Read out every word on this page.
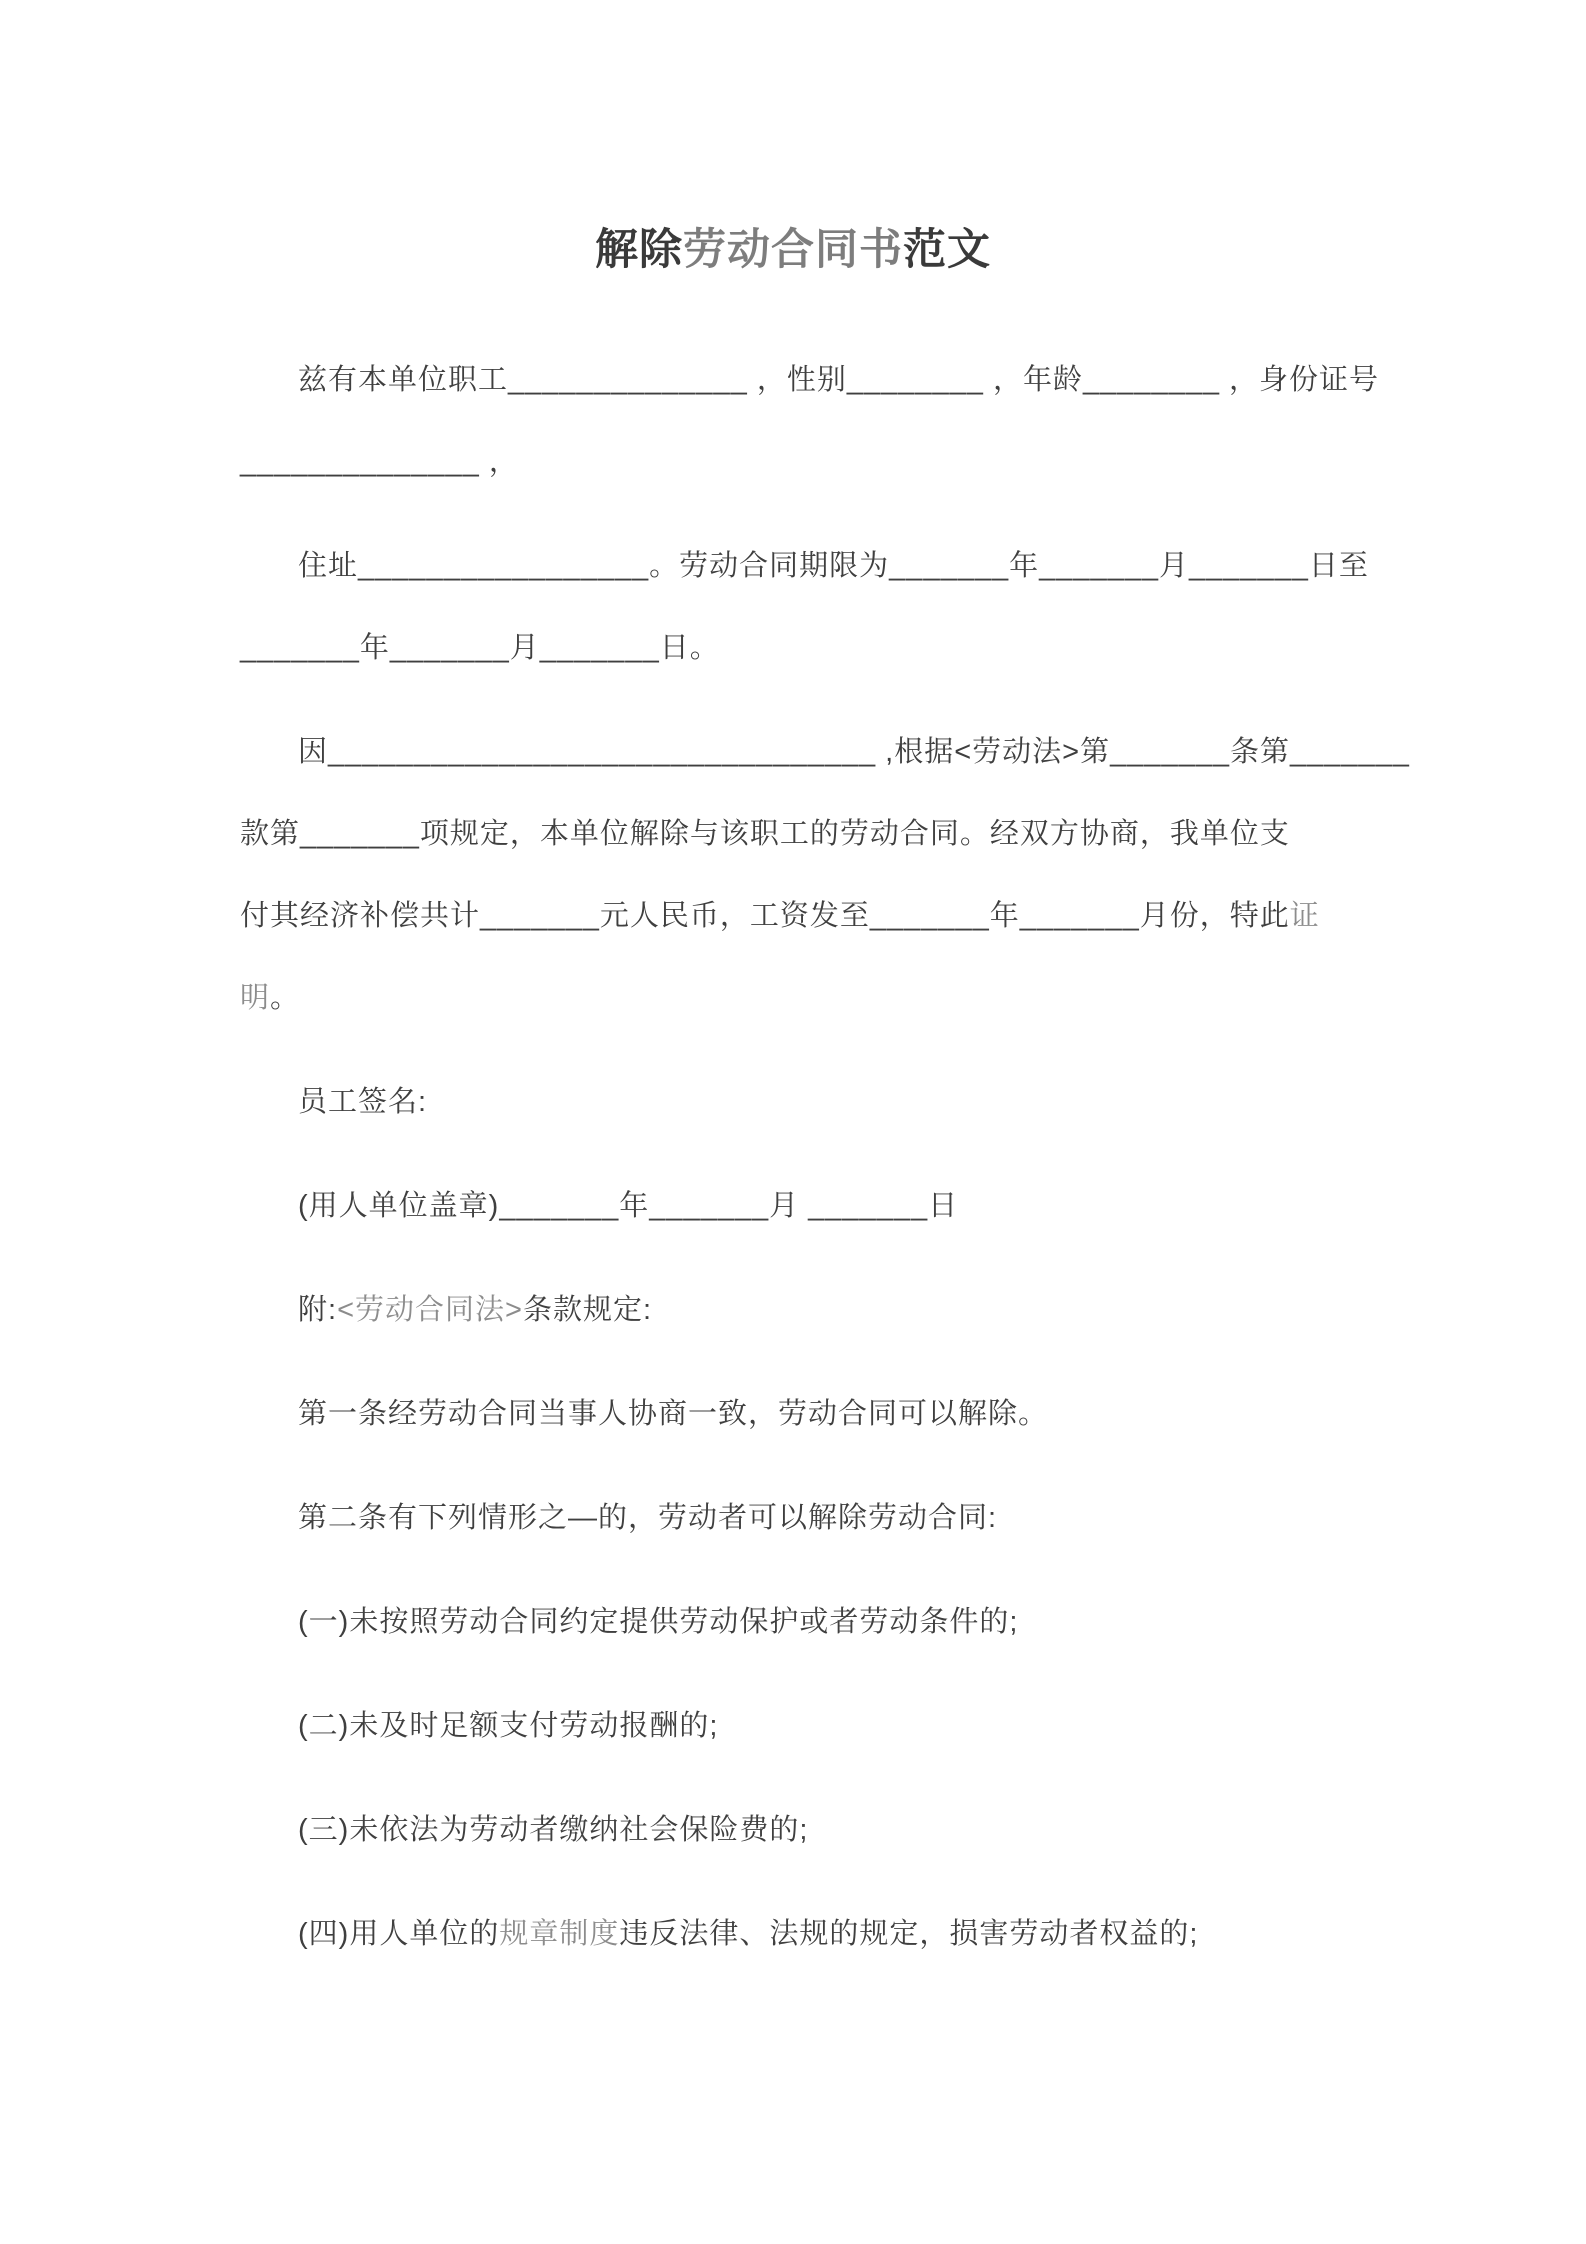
解除劳动合同书范文
兹有本单位职工______________ ，性别________ ，年龄________ ，身份证号
______________ ，
住址_________________。劳动合同期限为_______年_______月_______日至
_______年_______月_______日。
因________________________________ ,根据<劳动法>第_______条第_______
款第_______项规定，本单位解除与该职工的劳动合同。经双方协商，我单位支
付其经济补偿共计_______元人民币，工资发至_______年_______月份，特此证
明。
员工签名:
(用人单位盖章)_______年_______月 _______日
附:<劳动合同法>条款规定:
第一条经劳动合同当事人协商一致，劳动合同可以解除。
第二条有下列情形之—的，劳动者可以解除劳动合同:
(一)未按照劳动合同约定提供劳动保护或者劳动条件的;
(二)未及时足额支付劳动报酬的;
(三)未依法为劳动者缴纳社会保险费的;
(四)用人单位的规章制度违反法律、法规的规定，损害劳动者权益的;
